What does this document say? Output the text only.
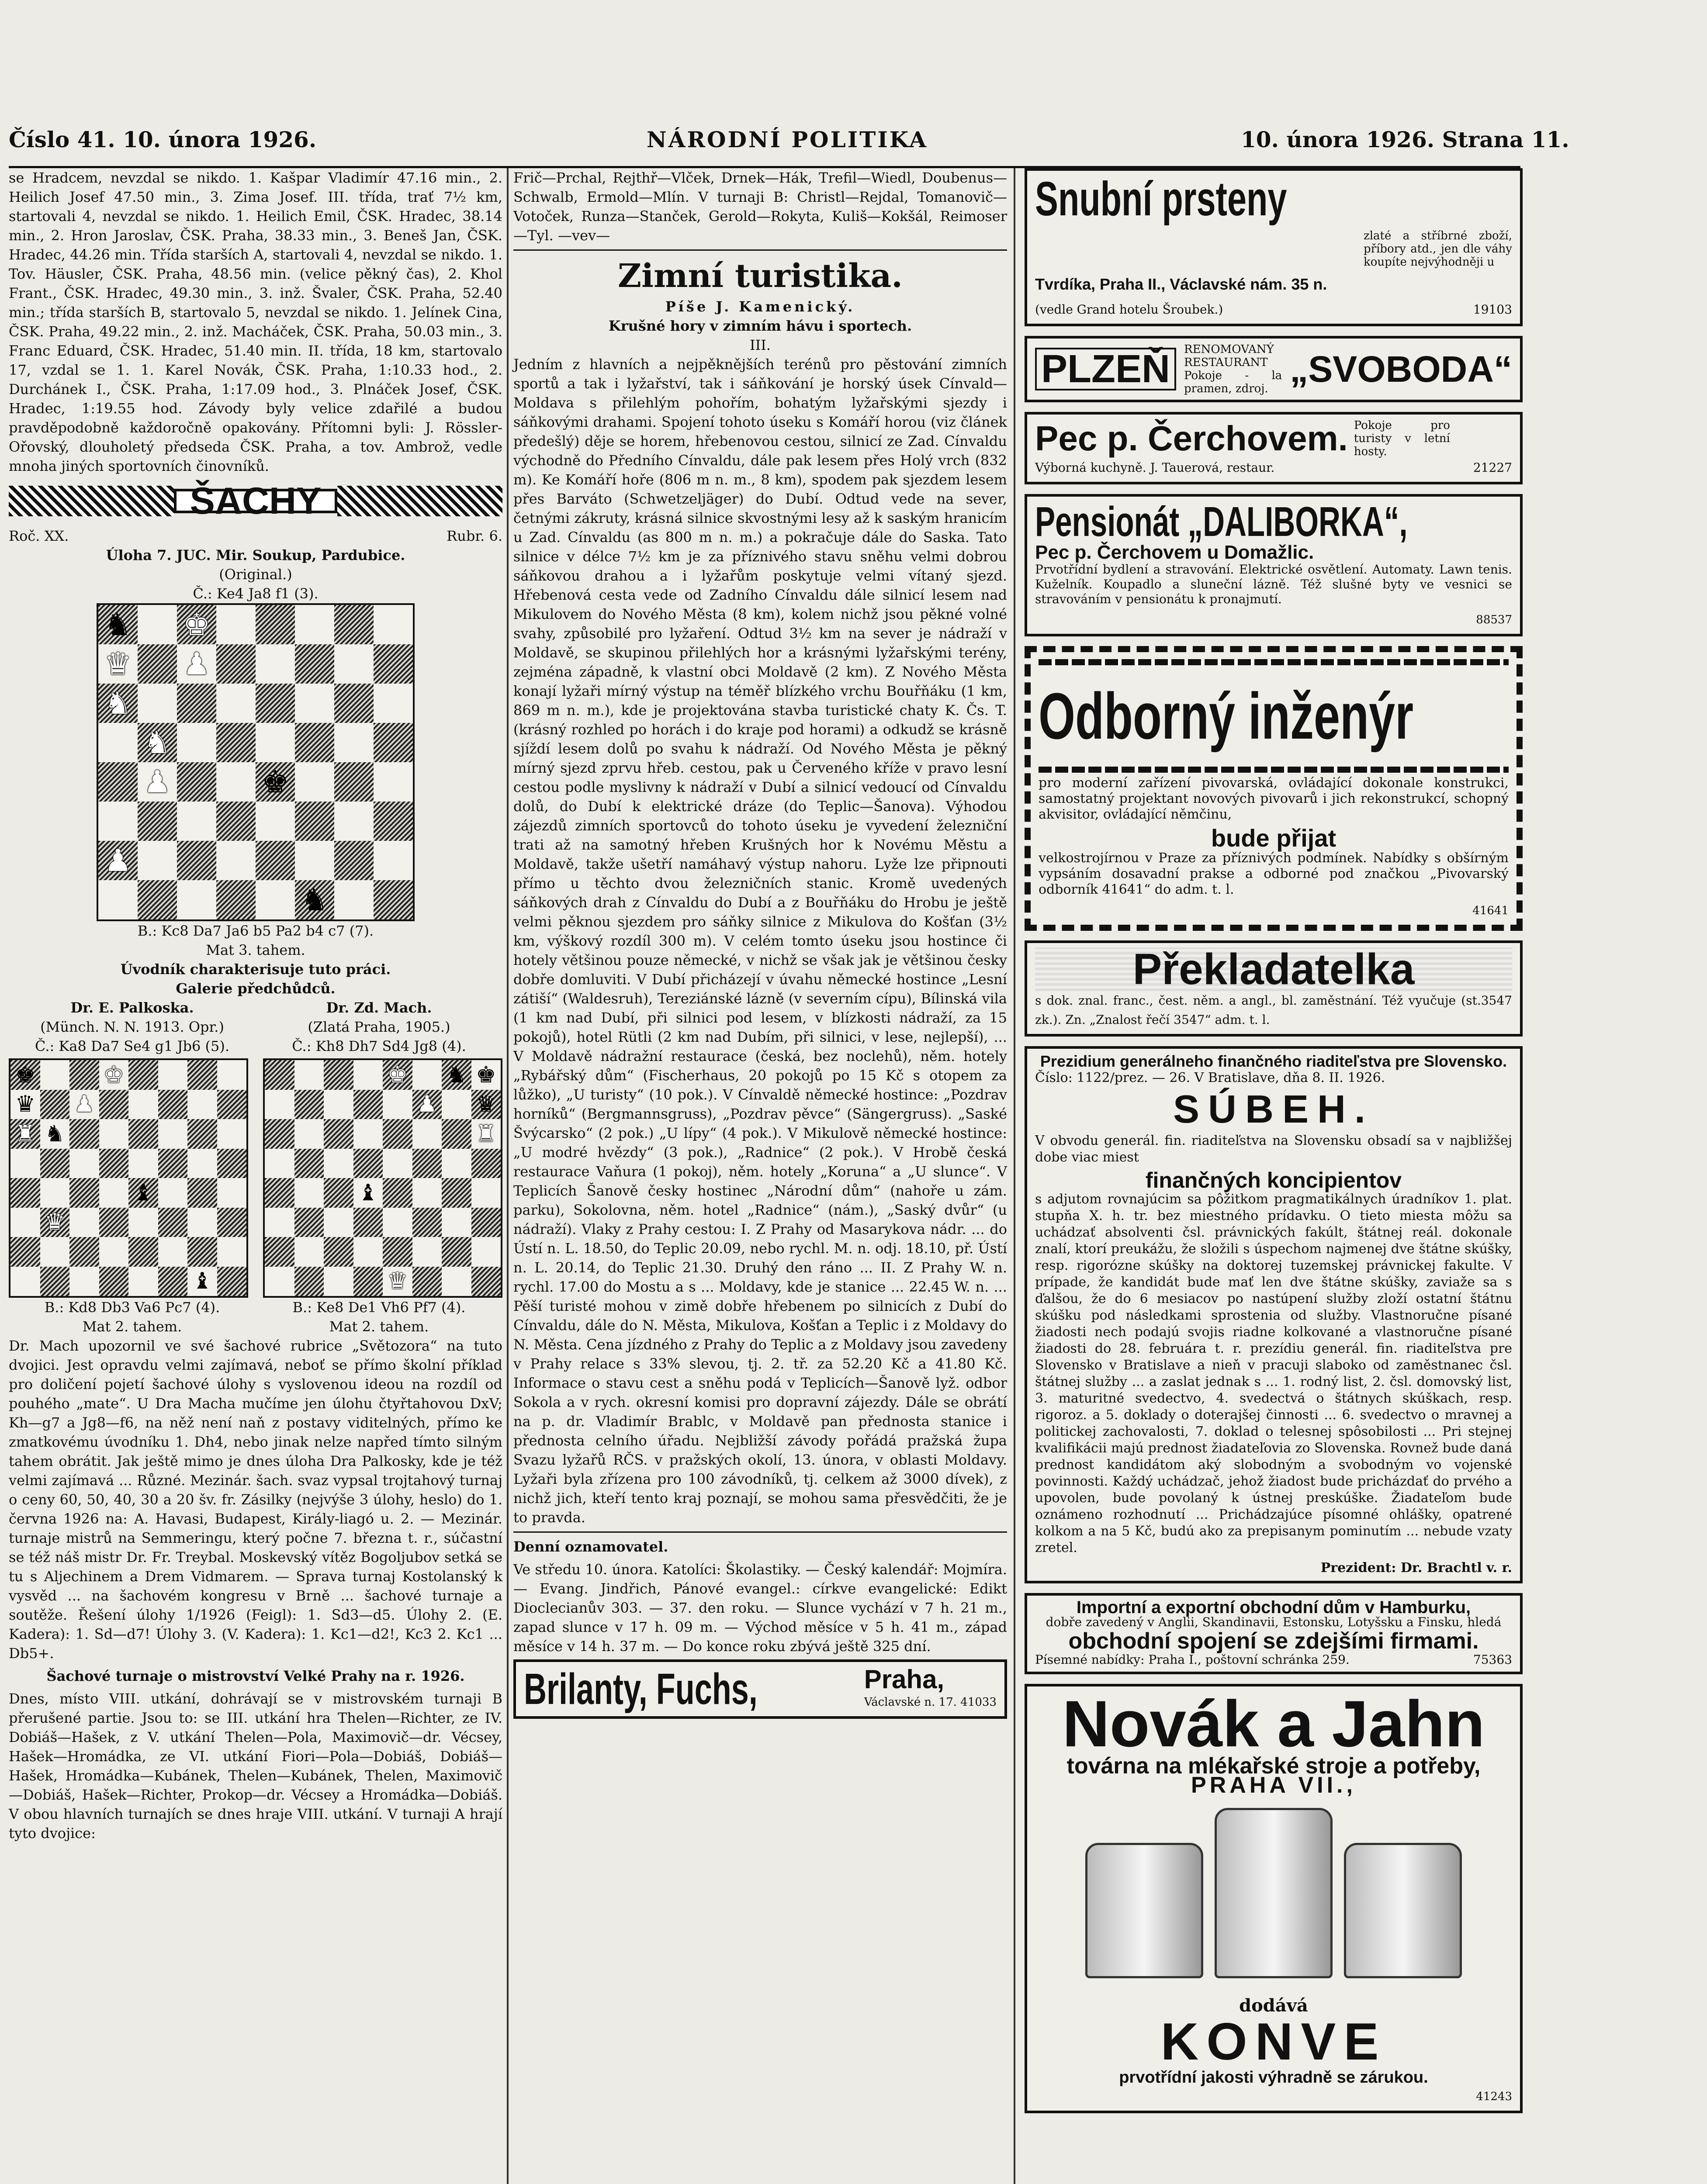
Číslo 41. 10. února 1926.	NÁRODNÍ POLITIKA	10. února 1926. Strana 11.

se Hradcem, nevzdal se nikdo. 1. Kašpar Vladimír 47.16 min., 2. Heilich Josef 47.50 min., 3. Zima Josef. III. třída, trať 7½ km, startovali 4, nevzdal se nikdo. 1. Heilich Emil, ČSK. Hradec, 38.14 min., 2. Hron Jaroslav, ČSK. Praha, 38.33 min., 3. Beneš Jan, ČSK. Hradec, 44.26 min. Třída starších A, startovali 4, nevzdal se nikdo. 1. Tov. Häusler, ČSK. Praha, 48.56 min. (velice pěkný čas), 2. Khol Frant., ČSK. Hradec, 49.30 min., 3. inž. Švaler, ČSK. Praha, 52.40 min.; třída starších B, startovalo 5, nevzdal se nikdo. 1. Jelínek Cina, ČSK. Praha, 49.22 min., 2. inž. Macháček, ČSK. Praha, 50.03 min., 3. Franc Eduard, ČSK. Hradec, 51.40 min. II. třída, 18 km, startovalo 17, vzdal se 1. 1. Karel Novák, ČSK. Praha, 1:10.33 hod., 2. Durchánek I., ČSK. Praha, 1:17.09 hod., 3. Plnáček Josef, ČSK. Hradec, 1:19.55 hod. Závody byly velice zdařilé a budou pravděpodobně každoročně opakovány. Přítomni byli: J. Rössler-Ořovský, dlouholetý předseda ČSK. Praha, a tov. Ambrož, vedle mnoha jiných sportovních činovníků.

ŠACHY
Roč. XX.	Rubr. 6.
Úloha 7. JUC. Mir. Soukup, Pardubice.
(Original.)
Č.: Ke4 Ja8 f1 (3).
♞ ♚
♛ ♟
♞
♞
♟	♚
♟
♞
B.: Kc8 Da7 Ja6 b5 Pa2 b4 c7 (7).
Mat 3. tahem.
Úvodník charakterisuje tuto práci.
Galerie předchůdců.
Dr. E. Palkoska.
(Münch. N. N. 1913. Opr.)
Č.: Ka8 Da7 Se4 g1 Jb6 (5).
Dr. Zd. Mach.
(Zlatá Praha, 1905.)
Č.: Kh8 Dh7 Sd4 Jg8 (4).
♚	♚
♛ ♟
♜ ♞
♝
♛
♝
♚ ♞ ♚
♟ ♛
♜
♝
♛
B.: Kd8 Db3 Va6 Pc7 (4).
Mat 2. tahem.
B.: Ke8 De1 Vh6 Pf7 (4).
Mat 2. tahem.

Dr. Mach upozornil ve své šachové rubrice „Světozora“ na tuto dvojici. Jest opravdu velmi zajímavá, neboť se přímo školní příklad pro doličení pojetí šachové úlohy s vyslovenou ideou na rozdíl od pouhého „mate“. U Dra Macha mučíme jen úlohu čtyřtahovou DxV; Kh—g7 a Jg8—f6, na něž není naň z postavy viditelných, přímo ke zmatkovému úvodníku 1. Dh4, nebo jinak nelze napřed tímto silným tahem obrátit. Jak ještě mimo je dnes úloha Dra Palkosky, kde je též velmi zajímavá ... Různé. Mezinár. šach. svaz vypsal trojtahový turnaj o ceny 60, 50, 40, 30 a 20 šv. fr. Zásilky (nejvýše 3 úlohy, heslo) do 1. června 1926 na: A. Havasi, Budapest, Király-liagó u. 2. — Mezinár. turnaje mistrů na Semmeringu, který počne 7. března t. r., súčastní se též náš mistr Dr. Fr. Treybal. Moskevský vítěz Bogoljubov setká se tu s Aljechinem a Drem Vidmarem. — Sprava turnaj Kostolanský k vysvěd ... na šachovém kongresu v Brně ... šachové turnaje a soutěže. Řešení úlohy 1/1926 (Feigl): 1. Sd3—d5. Úlohy 2. (E. Kadera): 1. Sd—d7! Úlohy 3. (V. Kadera): 1. Kc1—d2!, Kc3 2. Kc1 ... Db5+.

Šachové turnaje o mistrovství Velké Prahy na r. 1926.

Dnes, místo VIII. utkání, dohrávají se v mistrovském turnaji B přerušené partie. Jsou to: se III. utkání hra Thelen—Richter, ze IV. Dobiáš—Hašek, z V. utkání Thelen—Pola, Maximovič—dr. Vécsey, Hašek—Hromádka, ze VI. utkání Fiori—Pola—Dobiáš, Dobiáš—Hašek, Hromádka—Kubánek, Thelen—Kubánek, Thelen, Maximovič—Dobiáš, Hašek—Richter, Prokop—dr. Vécsey a Hromádka—Dobiáš. V obou hlavních turnajích se dnes hraje VIII. utkání. V turnaji A hrají tyto dvojice:

Frič—Prchal, Rejthř—Vlček, Drnek—Hák, Trefil—Wiedl, Doubenus—Schwalb, Ermold—Mlín. V turnaji B: Christl—Rejdal, Tomanovič—Votoček, Runza—Stanček, Gerold—Rokyta, Kuliš—Kokšál, Reimoser—Tyl. —vev—

Zimní turistika.
Píše J. Kamenický.
Krušné hory v zimním hávu i sportech.
III.

Jedním z hlavních a nejpěknějších terénů pro pěstování zimních sportů a tak i lyžařství, tak i sáňkování je horský úsek Cínvald—Moldava s přilehlým pohořím, bohatým lyžařskými sjezdy i sáňkovými drahami. Spojení tohoto úseku s Komáří horou (viz článek předešlý) děje se horem, hřebenovou cestou, silnicí ze Zad. Cínvaldu východně do Předního Cínvaldu, dále pak lesem přes Holý vrch (832 m). Ke Komáří hoře (806 m n. m., 8 km), spodem pak sjezdem lesem přes Barváto (Schwetzeljäger) do Dubí. Odtud vede na sever, četnými zákruty, krásná silnice skvostnými lesy až k saským hranicím u Zad. Cínvaldu (as 800 m n. m.) a pokračuje dále do Saska. Tato silnice v délce 7½ km je za příznivého stavu sněhu velmi dobrou sáňkovou drahou a i lyžařům poskytuje velmi vítaný sjezd. Hřebenová cesta vede od Zadního Cínvaldu dále silnicí lesem nad Mikulovem do Nového Města (8 km), kolem nichž jsou pěkné volné svahy, způsobilé pro lyžaření. Odtud 3½ km na sever je nádraží v Moldavě, se skupinou přilehlých hor a krásnými lyžařskými terény, zejména západně, k vlastní obci Moldavě (2 km). Z Nového Města konají lyžaři mírný výstup na téměř blízkého vrchu Bouřňáku (1 km, 869 m n. m.), kde je projektována stavba turistické chaty K. Čs. T. (krásný rozhled po horách i do kraje pod horami) a odkudž se krásně sjíždí lesem dolů po svahu k nádraží. Od Nového Města je pěkný mírný sjezd zprvu hřeb. cestou, pak u Červeného kříže v pravo lesní cestou podle myslivny k nádraží v Dubí a silnicí vedoucí od Cínvaldu dolů, do Dubí k elektrické dráze (do Teplic—Šanova). Výhodou zájezdů zimních sportovců do tohoto úseku je vyvedení železniční trati až na samotný hřeben Krušných hor k Novému Městu a Moldavě, takže ušetří namáhavý výstup nahoru. Lyže lze připnouti přímo u těchto dvou železničních stanic. Kromě uvedených sáňkových drah z Cínvaldu do Dubí a z Bouřňáku do Hrobu je ještě velmi pěknou sjezdem pro sáňky silnice z Mikulova do Košťan (3½ km, výškový rozdíl 300 m). V celém tomto úseku jsou hostince či hotely většinou pouze německé, v nichž se však jak je většinou česky dobře domluviti. V Dubí přicházejí v úvahu německé hostince „Lesní zátiší“ (Waldesruh), Tereziánské lázně (v severním cípu), Bílinská vila (1 km nad Dubí, při silnici pod lesem, v blízkosti nádraží, za 15 pokojů), hotel Rütli (2 km nad Dubím, při silnici, v lese, nejlepší), ... V Moldavě nádražní restaurace (česká, bez noclehů), něm. hotely „Rybářský dům“ (Fischerhaus, 20 pokojů po 15 Kč s otopem za lůžko), „U turisty“ (10 pok.). V Cínvaldě německé hostince: „Pozdrav horníků“ (Bergmannsgruss), „Pozdrav pěvce“ (Sängergruss). „Saské Švýcarsko“ (2 pok.) „U lípy“ (4 pok.). V Mikulově německé hostince: „U modré hvězdy“ (3 pok.), „Radnice“ (2 pok.). V Hrobě česká restaurace Vaňura (1 pokoj), něm. hotely „Koruna“ a „U slunce“. V Teplicích Šanově česky hostinec „Národní dům“ (nahoře u zám. parku), Sokolovna, něm. hotel „Radnice“ (nám.), „Saský dvůr“ (u nádraží). Vlaky z Prahy cestou: I. Z Prahy od Masarykova nádr. ... do Ústí n. L. 18.50, do Teplic 20.09, nebo rychl. M. n. odj. 18.10, př. Ústí n. L. 20.14, do Teplic 21.30. Druhý den ráno ... II. Z Prahy W. n. rychl. 17.00 do Mostu a s ... Moldavy, kde je stanice ... 22.45 W. n. ... Pěší turisté mohou v zimě dobře hřebenem po silnicích z Dubí do Cínvaldu, dále do N. Města, Mikulova, Košťan a Teplic i z Moldavy do N. Města. Cena jízdného z Prahy do Teplic a z Moldavy jsou zavedeny v Prahy relace s 33% slevou, tj. 2. tř. za 52.20 Kč a 41.80 Kč. Informace o stavu cest a sněhu podá v Teplicích—Šanově lyž. odbor Sokola a v rych. okresní komisi pro dopravní zájezdy. Dále se obrátí na p. dr. Vladimír Brablc, v Moldavě pan přednosta stanice i přednosta celního úřadu. Nejbližší závody pořádá pražská župa Svazu lyžařů RČS. v pražských okolí, 13. února, v oblasti Moldavy. Lyžaři byla zřízena pro 100 závodníků, tj. celkem až 3000 dívek), z nichž jich, kteří tento kraj poznají, se mohou sama přesvědčiti, že je to pravda.

Denní oznamovatel.

Ve středu 10. února. Katolíci: Školastiky. — Český kalendář: Mojmíra. — Evang. Jindřich, Pánové evangel.: církve evangelické: Edikt Dioclecianův 303. — 37. den roku. — Slunce vychází v 7 h. 21 m., zapad slunce v 17 h. 09 m. — Východ měsíce v 5 h. 41 m., západ měsíce v 14 h. 37 m. — Do konce roku zbývá ještě 325 dní.

Brilanty, Fuchs,	Praha,
Václavské n. 17. 41033
Snubní prsteny
zlaté a stříbrné zboží, příbory atd., jen dle váhy koupíte nejvýhodněji u
Tvrdíka, Praha II., Václavské nám. 35 n.
(vedle Grand hotelu Šroubek.)	19103
PLZEŇ	RENOMOVANÝ RESTAURANT Pokoje - la pramen, zdroj. „SVOBODA“
Pec p. Čerchovem. Pokoje pro turisty v letní hosty.
Výborná kuchyně. J. Tauerová, restaur.	21227
Pensionát „DALIBORKA“,
Pec p. Čerchovem u Domažlic.

Prvotřídní bydlení a stravování. Elektrické osvětlení. Automaty. Lawn tenis. Kuželník. Koupadlo a sluneční lázně. Též slušné byty ve vesnici se stravováním v pensionátu k pronajmutí.

88537
Odborný inženýr

pro moderní zařízení pivovarská, ovládající dokonale konstrukci, samostatný projektant novových pivovarů i jich rekonstrukcí, schopný akvisitor, ovládající němčinu,

bude přijat

velkostrojírnou v Praze za příznivých podmínek. Nabídky s obšírným vypsáním dosavadní prakse a odborné pod značkou „Pivovarský odborník 41641“ do adm. t. l.

41641
Překladatelka
s dok. znal. franc., čest. něm. a angl., bl. zaměstnání. Též vyučuje (st. zk.). Zn. „Znalost řečí 3547“ adm. t. l.
3547
Prezidium generálneho finančného riaditeľstva pre Slovensko.
Číslo: 1122/prez. — 26. V Bratislave, dňa 8. II. 1926.
SÚBEH.

V obvodu generál. fin. riaditeľstva na Slovensku obsadí sa v najbližšej dobe viac miest

finančných koncipientov

s adjutom rovnajúcim sa pôžitkom pragmatikálnych úradníkov 1. plat. stupňa X. h. tr. bez miestného prídavku. O tieto miesta môžu sa uchádzať absolventi čsl. právnických fakúlt, štátnej reál. dokonale znalí, ktorí preukážu, že složili s úspechom najmenej dve štátne skúšky, resp. rigorózne skúšky na doktorej tuzemskej právnickej fakulte. V prípade, že kandidát bude mať len dve štátne skúšky, zaviaže sa s ďalšou, že do 6 mesiacov po nastúpení služby zloží ostatní štátnu skúšku pod následkami sprostenia od služby. Vlastnoručne písané žiadosti nech podajú svojis riadne kolkované a vlastnoručne písané žiadosti do 28. februára t. r. prezídiu generál. fin. riaditeľstva pre Slovensko v Bratislave a nieň v pracuji slaboko od zaměstnanec čsl. štátnej služby ... a zaslat jednak s ... 1. rodný list, 2. čsl. domovský list, 3. maturitné svedectvo, 4. svedectvá o štátnych skúškach, resp. rigoroz. a 5. doklady o doterajšej činnosti ... 6. svedectvo o mravnej a politickej zachovalosti, 7. doklad o telesnej spôsobilosti ... Pri stejnej kvalifikácii majú prednost žiadateľovia zo Slovenska. Rovnež bude daná prednost kandidátom aký slobodným a svobodným vo vojenské povinnosti. Každý uchádzač, jehož žiadost bude pricházdať do prvého a upovolen, bude povolaný k ústnej preskúške. Žiadateľom bude oznámeno rozhodnutí ... Prichádzajúce písomné ohlášky, opatrené kolkom a na 5 Kč, budú ako za prepisanym pominutím ... nebude vzaty zretel.

Prezident: Dr. Brachtl v. r.
Importní a exportní obchodní dům v Hamburku,
dobře zavedený v Anglii, Skandinavii, Estonsku, Lotyšsku a Finsku, hledá
obchodní spojení se zdejšími firmami.
Písemné nabídky: Praha I., poštovní schránka 259.	75363
Novák a Jahn
továrna na mlékařské stroje a potřeby,
PRAHA VII.,

dodává
KONVE
prvotřídní jakosti výhradně se zárukou.
41243
